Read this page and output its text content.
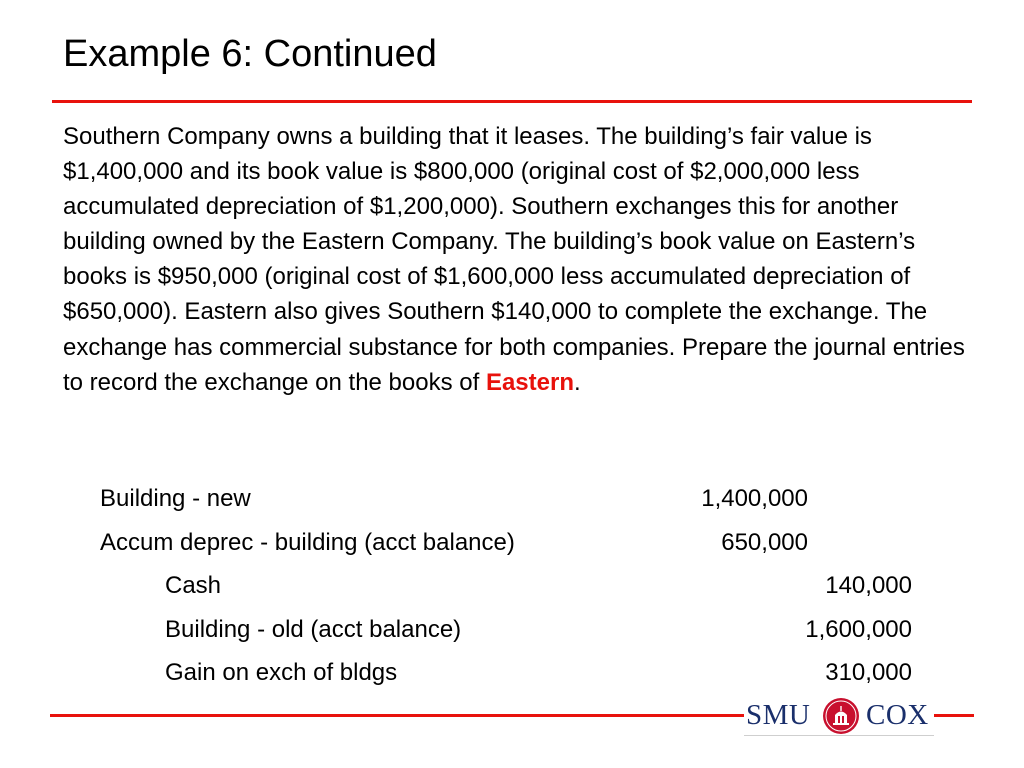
Example 6: Continued
Southern Company owns a building that it leases. The building’s fair value is $1,400,000 and its book value is $800,000 (original cost of $2,000,000 less accumulated depreciation of $1,200,000). Southern exchanges this for another building owned by the Eastern Company. The building’s book value on Eastern’s books is $950,000 (original cost of $1,600,000 less accumulated depreciation of $650,000). Eastern also gives Southern $140,000 to complete the exchange. The exchange has commercial substance for both companies. Prepare the journal entries to record the exchange on the books of Eastern.
Building - new	1,400,000
Accum deprec - building (acct balance)	650,000
Cash	140,000
Building - old (acct balance)	1,600,000
Gain on exch of bldgs	310,000
SMU COX
